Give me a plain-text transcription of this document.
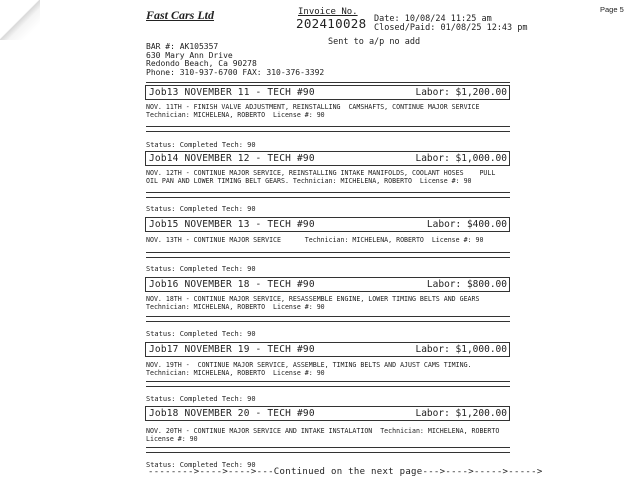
Fast Cars Ltd	Invoice No.
202410028
Page 5
Date: 10/08/24 11:25 am
Closed/Paid: 01/08/25 12:43 pm
Sent to a/p no add
BAR #: AK105357
630 Mary Ann Drive
Redondo Beach, Ca 90278
Phone: 310-937-6700 FAX: 310-376-3392
Job13 NOVEMBER 11 - TECH #90	Labor: $1,200.00
NOV. 11TH - FINISH VALVE ADJUSTMENT, REINSTALLING  CAMSHAFTS, CONTINUE MAJOR SERVICE
Technician: MICHELENA, ROBERTO  License #: 90
Status: Completed Tech: 90
Job14 NOVEMBER 12 - TECH #90	Labor: $1,000.00
NOV. 12TH - CONTINUE MAJOR SERVICE, REINSTALLING INTAKE MANIFOLDS, COOLANT HOSES    PULL
OIL PAN AND LOWER TIMING BELT GEARS. Technician: MICHELENA, ROBERTO  License #: 90
Status: Completed Tech: 90
Job15 NOVEMBER 13 - TECH #90	Labor: $400.00
NOV. 13TH - CONTINUE MAJOR SERVICE      Technician: MICHELENA, ROBERTO  License #: 90
Status: Completed Tech: 90
Job16 NOVEMBER 18 - TECH #90	Labor: $800.00
NOV. 18TH - CONTINUE MAJOR SERVICE, RESASSEMBLE ENGINE, LOWER TIMING BELTS AND GEARS
Technician: MICHELENA, ROBERTO  License #: 90
Status: Completed Tech: 90
Job17 NOVEMBER 19 - TECH #90	Labor: $1,000.00
NOV. 19TH -  CONTINUE MAJOR SERVICE, ASSEMBLE, TIMING BELTS AND AJUST CAMS TIMING.
Technician: MICHELENA, ROBERTO  License #: 90
Status: Completed Tech: 90
Job18 NOVEMBER 20 - TECH #90	Labor: $1,200.00
NOV. 20TH - CONTINUE MAJOR SERVICE AND INTAKE INSTALATION  Technician: MICHELENA, ROBERTO
License #: 90
Status: Completed Tech: 90
-------->---->---->---Continued on the next page--->---->----->----->
